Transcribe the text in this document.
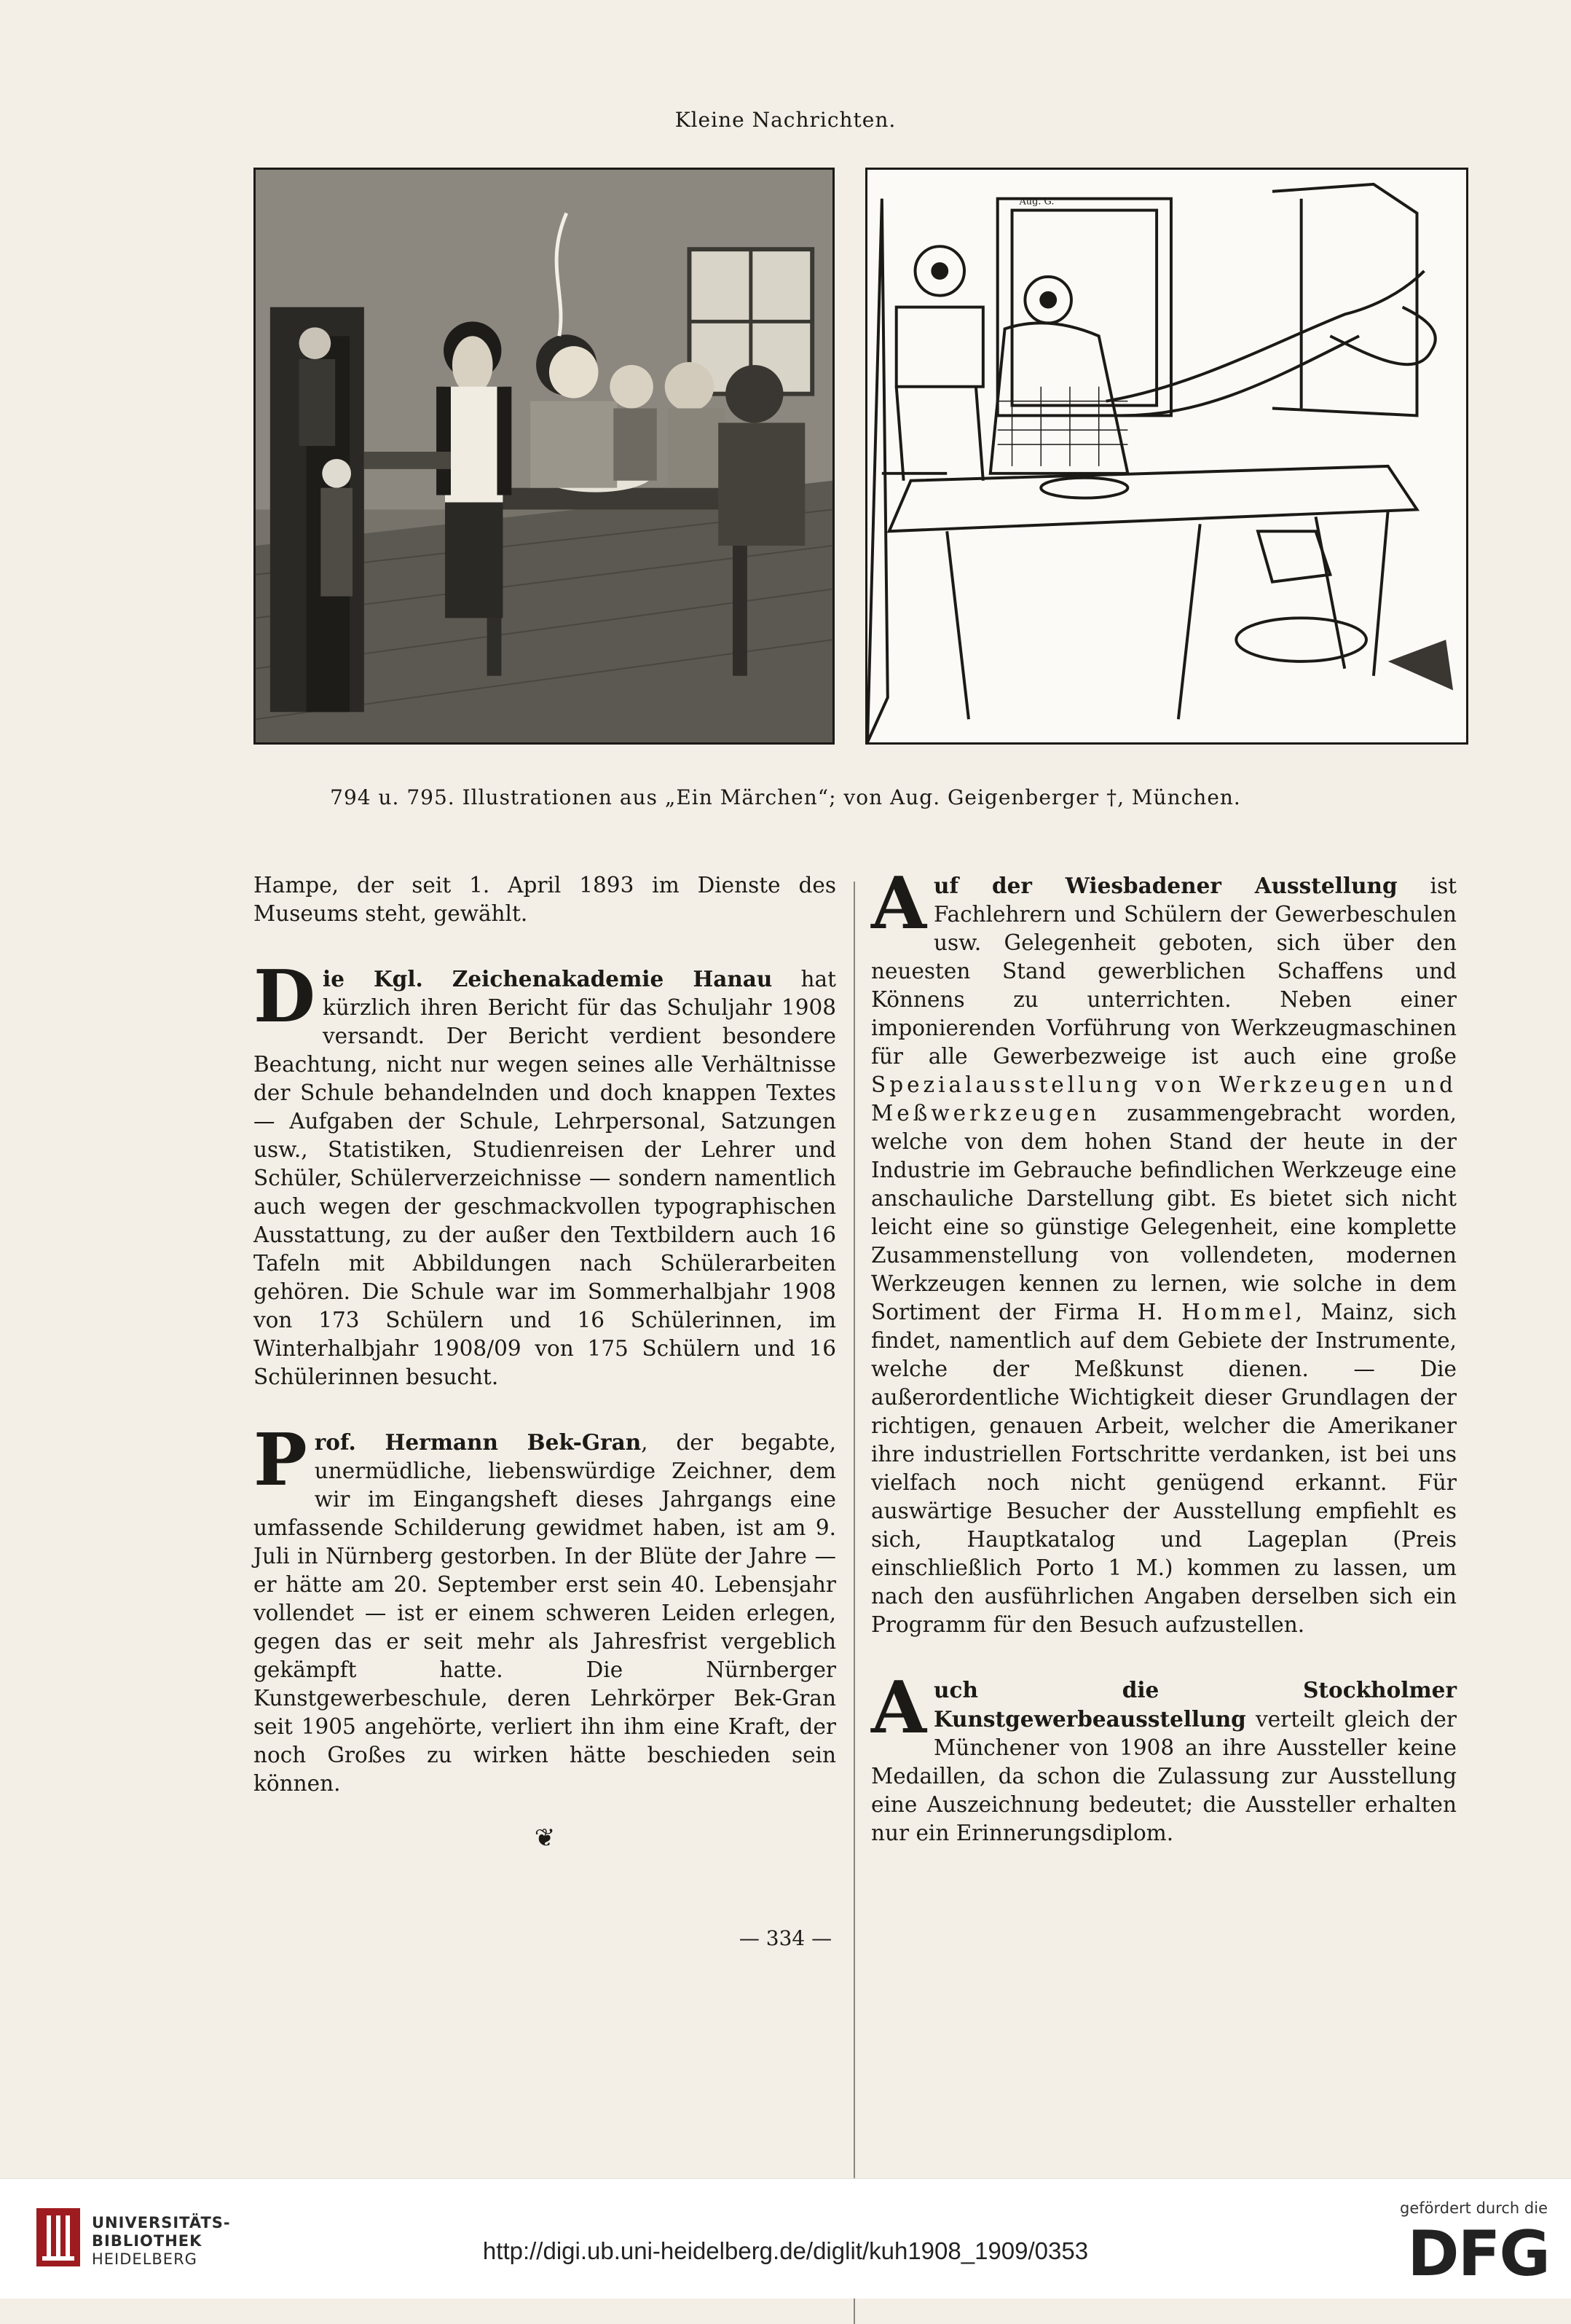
Kleine Nachrichten.
Aug. G.
794 u. 795. Illustrationen aus „Ein Märchen“; von Aug. Geigenberger †, München.

Hampe, der seit 1. April 1893 im Dienste des Museums steht, gewählt.

Die Kgl. Zeichenakademie Hanau hat kürzlich ihren Bericht für das Schuljahr 1908 versandt. Der Bericht verdient besondere Beachtung, nicht nur wegen seines alle Verhältnisse der Schule behandelnden und doch knappen Textes — Aufgaben der Schule, Lehrpersonal, Satzungen usw., Statistiken, Studienreisen der Lehrer und Schüler, Schülerverzeichnisse — sondern namentlich auch wegen der geschmackvollen typographischen Ausstattung, zu der außer den Textbildern auch 16 Tafeln mit Abbildungen nach Schülerarbeiten gehören. Die Schule war im Sommerhalbjahr 1908 von 173 Schülern und 16 Schülerinnen, im Winterhalbjahr 1908/09 von 175 Schülern und 16 Schülerinnen besucht.

Prof. Hermann Bek-Gran, der begabte, unermüdliche, liebenswürdige Zeichner, dem wir im Eingangsheft dieses Jahrgangs eine umfassende Schilderung gewidmet haben, ist am 9. Juli in Nürnberg gestorben. In der Blüte der Jahre — er hätte am 20. September erst sein 40. Lebensjahr vollendet — ist er einem schweren Leiden erlegen, gegen das er seit mehr als Jahresfrist vergeblich gekämpft hatte. Die Nürnberger Kunstgewerbeschule, deren Lehrkörper Bek-Gran seit 1905 angehörte, verliert ihn ihm eine Kraft, der noch Großes zu wirken hätte beschieden sein können.

❦

Auf der Wiesbadener Ausstellung ist Fachlehrern und Schülern der Gewerbeschulen usw. Gelegenheit geboten, sich über den neuesten Stand gewerblichen Schaffens und Könnens zu unterrichten. Neben einer imponierenden Vorführung von Werkzeugmaschinen für alle Gewerbezweige ist auch eine große Spezialausstellung von Werkzeugen und Meßwerkzeugen zusammengebracht worden, welche von dem hohen Stand der heute in der Industrie im Gebrauche befindlichen Werkzeuge eine anschauliche Darstellung gibt. Es bietet sich nicht leicht eine so günstige Gelegenheit, eine komplette Zusammenstellung von vollendeten, modernen Werkzeugen kennen zu lernen, wie solche in dem Sortiment der Firma H. Hommel, Mainz, sich findet, namentlich auf dem Gebiete der Instrumente, welche der Meßkunst dienen. — Die außerordentliche Wichtigkeit dieser Grundlagen der richtigen, genauen Arbeit, welcher die Amerikaner ihre industriellen Fortschritte verdanken, ist bei uns vielfach noch nicht genügend erkannt. Für auswärtige Besucher der Ausstellung empfiehlt es sich, Hauptkatalog und Lageplan (Preis einschließlich Porto 1 M.) kommen zu lassen, um nach den ausführlichen Angaben derselben sich ein Programm für den Besuch aufzustellen.

Auch die Stockholmer Kunstgewerbeausstellung verteilt gleich der Münchener von 1908 an ihre Aussteller keine Medaillen, da schon die Zulassung zur Ausstellung eine Auszeichnung bedeutet; die Aussteller erhalten nur ein Erinnerungsdiplom.

— 334 —
UNIVERSITÄTS-
BIBLIOTHEK
HEIDELBERG	http://digi.ub.uni-heidelberg.de/diglit/kuh1908_1909/0353
gefördert durch die
DFG
